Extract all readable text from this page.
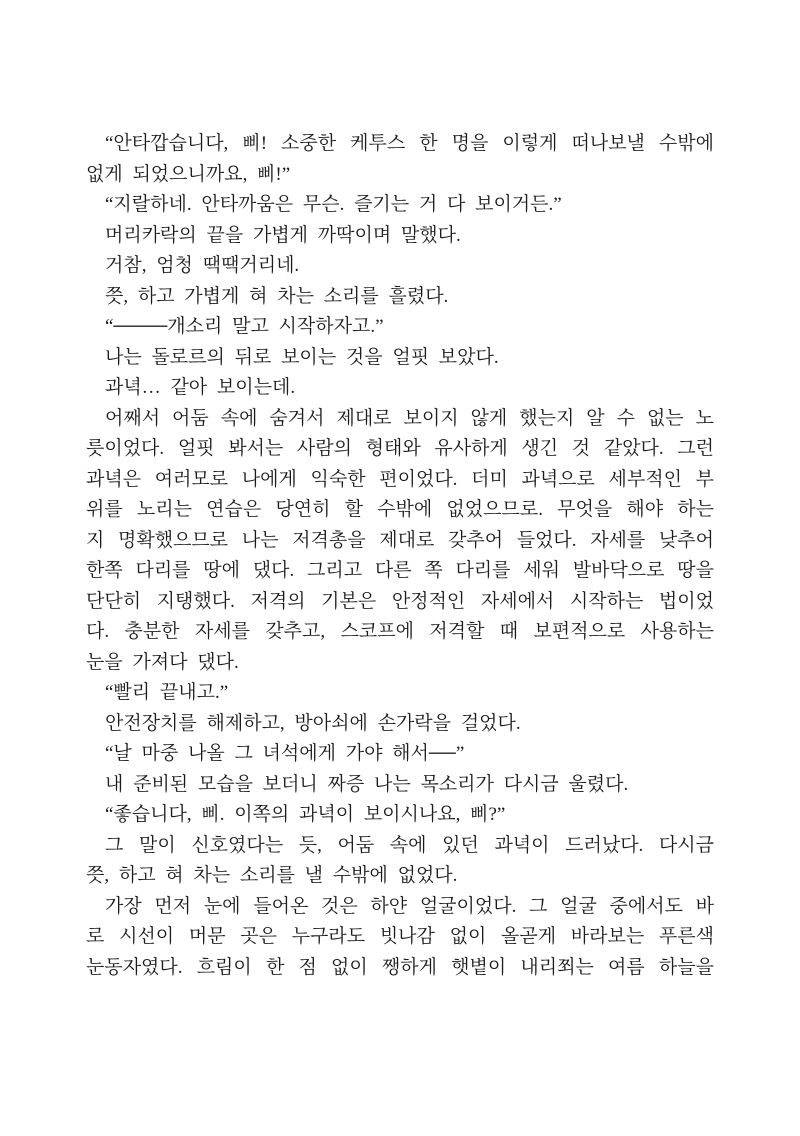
“안타깝습니다, 삐! 소중한 케투스 한 명을 이렇게 떠나보낼 수밖에
없게 되었으니까요, 삐!”
“지랄하네. 안타까움은 무슨. 즐기는 거 다 보이거든.”
머리카락의 끝을 가볍게 까딱이며 말했다.
거참, 엄청 땍땍거리네.
쯧, 하고 가볍게 혀 차는 소리를 흘렸다.
“────개소리 말고 시작하자고.”
나는 돌로르의 뒤로 보이는 것을 얼핏 보았다.
과녁… 같아 보이는데.
어째서 어둠 속에 숨겨서 제대로 보이지 않게 했는지 알 수 없는 노
릇이었다. 얼핏 봐서는 사람의 형태와 유사하게 생긴 것 같았다. 그런
과녁은 여러모로 나에게 익숙한 편이었다. 더미 과녁으로 세부적인 부
위를 노리는 연습은 당연히 할 수밖에 없었으므로. 무엇을 해야 하는
지 명확했으므로 나는 저격총을 제대로 갖추어 들었다. 자세를 낮추어
한쪽 다리를 땅에 댔다. 그리고 다른 쪽 다리를 세워 발바닥으로 땅을
단단히 지탱했다. 저격의 기본은 안정적인 자세에서 시작하는 법이었
다. 충분한 자세를 갖추고, 스코프에 저격할 때 보편적으로 사용하는
눈을 가져다 댔다.
“빨리 끝내고.”
안전장치를 해제하고, 방아쇠에 손가락을 걸었다.
“날 마중 나올 그 녀석에게 가야 해서──”
내 준비된 모습을 보더니 짜증 나는 목소리가 다시금 울렸다.
“좋습니다, 삐. 이쪽의 과녁이 보이시나요, 삐?”
그 말이 신호였다는 듯, 어둠 속에 있던 과녁이 드러났다. 다시금
쯧, 하고 혀 차는 소리를 낼 수밖에 없었다.
가장 먼저 눈에 들어온 것은 하얀 얼굴이었다. 그 얼굴 중에서도 바
로 시선이 머문 곳은 누구라도 빗나감 없이 올곧게 바라보는 푸른색
눈동자였다. 흐림이 한 점 없이 쨍하게 햇볕이 내리쬐는 여름 하늘을
